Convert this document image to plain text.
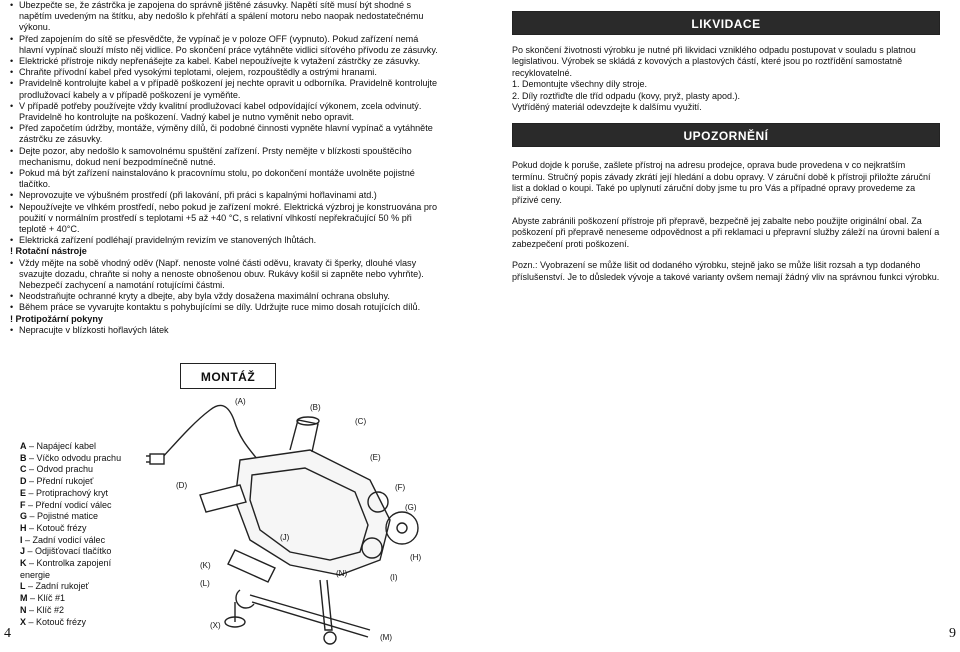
• Ubezpečte se, že zástrčka je zapojena do správně jištěné zásuvky. Napětí sítě musí být shodné s napětím uvedeným na štítku, aby nedošlo k přehřátí a spálení motoru nebo naopak nedostatečnému výkonu.

• Před zapojením do sítě se přesvědčte, že vypínač je v poloze OFF (vypnuto). Pokud zařízení nemá hlavní vypínač slouží místo něj vidlice. Po skončení práce vytáhněte vidlici síťového přívodu ze zásuvky.

• Elektrické přístroje nikdy nepřenášejte za kabel. Kabel nepoužívejte k vytažení zástrčky ze zásuvky.

• Chraňte přívodní kabel před vysokými teplotami, olejem, rozpouštědly a ostrými hranami.

• Pravidelně kontrolujte kabel a v případě poškození jej nechte opravit u odborníka. Pravidelně kontrolujte prodlužovací kabely a v případě poškození je vyměňte.

• V případě potřeby používejte vždy kvalitní prodlužovací kabel odpovídající výkonem, zcela odvinutý. Pravidelně ho kontrolujte na poškození. Vadný kabel je nutno vyměnit nebo opravit.

• Před započetím údržby, montáže, výměny dílů, či podobné činnosti vypněte hlavní vypínač a vytáhněte zástrčku ze zásuvky.

• Dejte pozor, aby nedošlo k samovolnému spuštění zařízení. Prsty nemějte v blízkosti spouštěcího mechanismu, dokud není bezpodmínečně nutné.

• Pokud má být zařízení nainstalováno k pracovnímu stolu, po dokončení montáže uvolněte pojistné tlačítko.

• Neprovozujte ve výbušném prostředí (při lakování, při práci s kapalnými hořlavinami atd.)

• Nepoužívejte ve vlhkém prostředí, nebo pokud je zařízení mokré. Elektrická výzbroj je konstruována pro použití v normálním prostředí s teplotami +5 až +40 °C, s relativní vlhkostí nepřekračující 50 % při teplotě + 40°C.

• Elektrická zařízení podléhají pravidelným revizím ve stanovených lhůtách.

! Rotační nástroje

• Vždy mějte na sobě vhodný oděv (Např. nenoste volné části oděvu, kravaty či šperky, dlouhé vlasy svazujte dozadu, chraňte si nohy a nenoste obnošenou obuv. Rukávy košil si zapněte nebo vyhrňte). Nebezpečí zachycení a namotání rotujícími částmi.

• Neodstraňujte ochranné kryty a dbejte, aby byla vždy dosažena maximální ochrana obsluhy.

• Během práce se vyvarujte kontaktu s pohybujícími se díly. Udržujte ruce mimo dosah rotujících dílů.

! Protipožární pokyny

• Nepracujte v blízkosti hořlavých látek

MONTÁŽ
A – Napájecí kabel
B – Víčko odvodu prachu
C – Odvod prachu
D – Přední rukojeť
E – Protiprachový kryt
F – Přední vodicí válec
G – Pojistné matice
H – Kotouč frézy
I – Zadní vodicí válec
J – Odjišťovací tlačítko
K – Kontrolka zapojení energie
L – Zadní rukojeť
M – Klíč #1
N – Klíč #2
X – Kotouč frézy
(A)
(B)
(C)
(D)
(E)
(F)
(G)
(H)
(I)
(J)
(K)
(L)
(M)
(N)
(X)
LIKVIDACE

Po skončení životnosti výrobku je nutné při likvidaci vzniklého odpadu postupovat v souladu s platnou legislativou. Výrobek se skládá z kovových a plastových částí, které jsou po roztřídění samostatně recyklovatelné.

1. Demontujte všechny díly stroje.

2. Díly roztřiďte dle tříd odpadu (kovy, pryž, plasty apod.).

Vytříděný materiál odevzdejte k dalšímu využití.

UPOZORNĚNÍ

Pokud dojde k poruše, zašlete přístroj na adresu prodejce, oprava bude provedena v co nejkratším termínu. Stručný popis závady zkrátí její hledání a dobu opravy. V záruční době k přístroji přiložte záruční list a doklad o koupi. Také po uplynutí záruční doby jsme tu pro Vás a případné opravy provedeme za přízivé ceny.

Abyste zabránili poškození přístroje při přepravě, bezpečně jej zabalte nebo použijte originální obal. Za poškození při přepravě neneseme odpovědnost a při reklamaci u přepravní služby záleží na úrovni balení a zabezpečení proti poškození.

Pozn.: Vyobrazení se může lišit od dodaného výrobku, stejně jako se může lišit rozsah a typ dodaného příslušenství. Je to důsledek vývoje a takové varianty ovšem nemají žádný vliv na správnou funkci výrobku.

4	9
